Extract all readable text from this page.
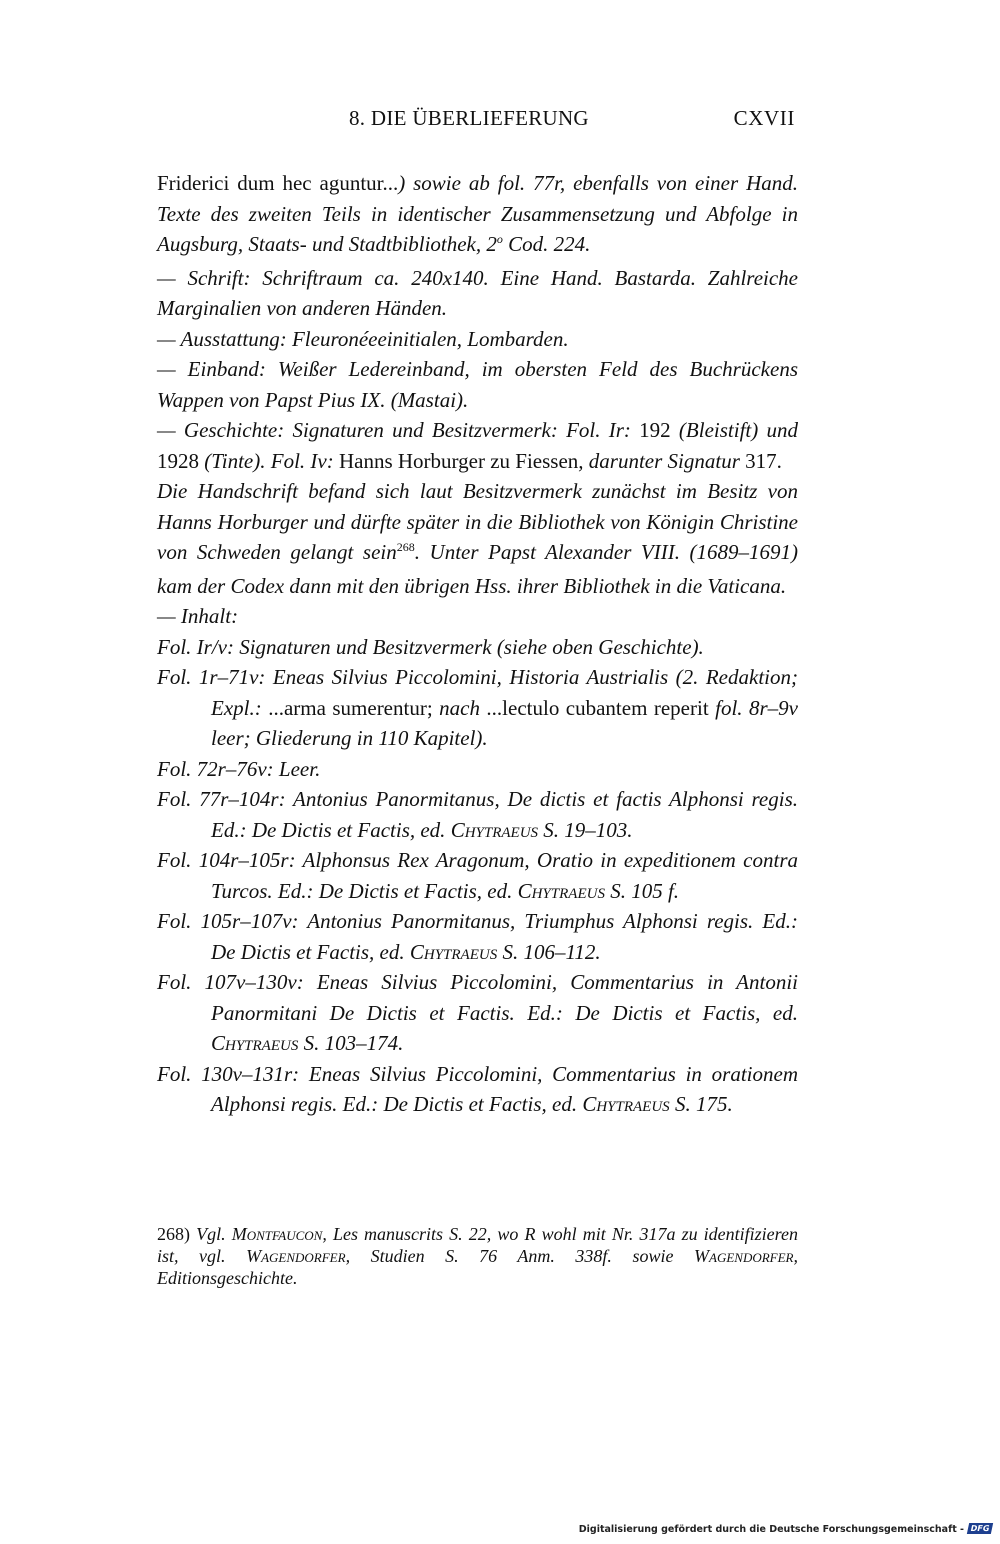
8. DIE ÜBERLIEFERUNG	CXVII
Friderici dum hec aguntur...) sowie ab fol. 77r, ebenfalls von einer Hand. Texte des zweiten Teils in identischer Zusammensetzung und Abfolge in Augsburg, Staats- und Stadtbibliothek, 2$^o$ Cod. 224.
— Schrift: Schriftraum ca. 240x140. Eine Hand. Bastarda. Zahlreiche Marginalien von anderen Händen.
— Ausstattung: Fleuronéeeinitialen, Lombarden.
— Einband: Weißer Ledereinband, im obersten Feld des Buchrückens
Wappen von Papst Pius IX. (Mastai).
— Geschichte: Signaturen und Besitzvermerk: Fol. Ir: 192 (Bleistift) und 1928 (Tinte). Fol. Iv: Hanns Horburger zu Fiessen, darunter Signatur 317.
Die Handschrift befand sich laut Besitzvermerk zunächst im Besitz von Hanns Horburger und dürfte später in die Bibliothek von Königin Christine von Schweden gelangt sein$^{268}$. Unter Papst Alexander VIII. (1689–1691) kam der Codex dann mit den übrigen Hss. ihrer Bibliothek in die Vaticana.
— Inhalt:
Fol. Ir/v: Signaturen und Besitzvermerk (siehe oben Geschichte).
Fol. 1r–71v: Eneas Silvius Piccolomini, Historia Austrialis (2. Redaktion; Expl.: ...arma sumerentur; nach ...lectulo cubantem reperit fol. 8r–9v leer; Gliederung in 110 Kapitel).
Fol. 72r–76v: Leer.
Fol. 77r–104r: Antonius Panormitanus, De dictis et factis Alphonsi regis. Ed.: De Dictis et Factis, ed. Chytraeus S. 19–103.
Fol. 104r–105r: Alphonsus Rex Aragonum, Oratio in expeditionem contra Turcos. Ed.: De Dictis et Factis, ed. Chytraeus S. 105 f.
Fol. 105r–107v: Antonius Panormitanus, Triumphus Alphonsi regis. Ed.: De Dictis et Factis, ed. Chytraeus S. 106–112.
Fol. 107v–130v: Eneas Silvius Piccolomini, Commentarius in Antonii Panormitani De Dictis et Factis. Ed.: De Dictis et Factis, ed. Chytraeus S. 103–174.
Fol. 130v–131r: Eneas Silvius Piccolomini, Commentarius in orationem Alphonsi regis. Ed.: De Dictis et Factis, ed. Chytraeus S. 175.
268) Vgl. Montfaucon, Les manuscrits S. 22, wo R wohl mit Nr. 317a zu identifizieren ist, vgl. Wagendorfer, Studien S. 76 Anm. 338f. sowie Wagendorfer, Editionsgeschichte.
Digitalisierung gefördert durch die Deutsche Forschungsgemeinschaft - DFG
